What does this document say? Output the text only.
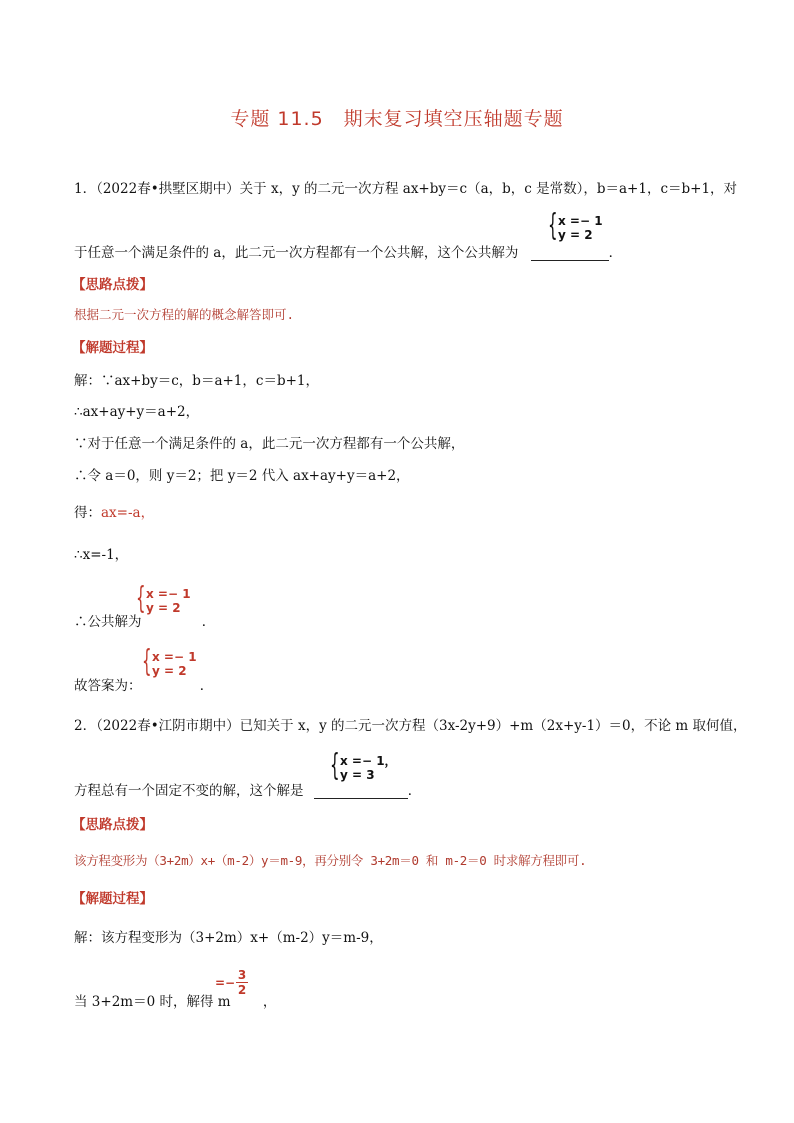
专题 11.5　期末复习填空压轴题专题
1．（2022春•拱墅区期中）关于 x，y 的二元一次方程 ax+by＝c（a，b，c 是常数），b＝a+1，c＝b+1，对
于任意一个满足条件的 a，此二元一次方程都有一个公共解，这个公共解为	．
{ x =− 1
y = 2
【思路点拨】
根据二元一次方程的解的概念解答即可.
【解题过程】
解：∵ax+by＝c，b＝a+1，c＝b+1，
∴ax+ay+y＝a+2，
∵对于任意一个满足条件的 a，此二元一次方程都有一个公共解，
∴令 a＝0，则 y＝2；把 y＝2 代入 ax+ay+y＝a+2，
得：ax=-a，
∴x=-1，
∴公共解为	．
{ x =− 1
y = 2
故答案为：	．
{ x =− 1
y = 2
2．（2022春•江阴市期中）已知关于 x，y 的二元一次方程（3x-2y+9）+m（2x+y-1）＝0，不论 m 取何值，
方程总有一个固定不变的解，这个解是	．
{ x =− 1，
y = 3
【思路点拨】
该方程变形为（3+2m）x+（m-2）y＝m-9，再分别令 3+2m＝0 和 m-2＝0 时求解方程即可.
【解题过程】
解：该方程变形为（3+2m）x+（m-2）y＝m-9，
当 3+2m＝0 时，解得 m ，
=− $\frac{3}{2}$
